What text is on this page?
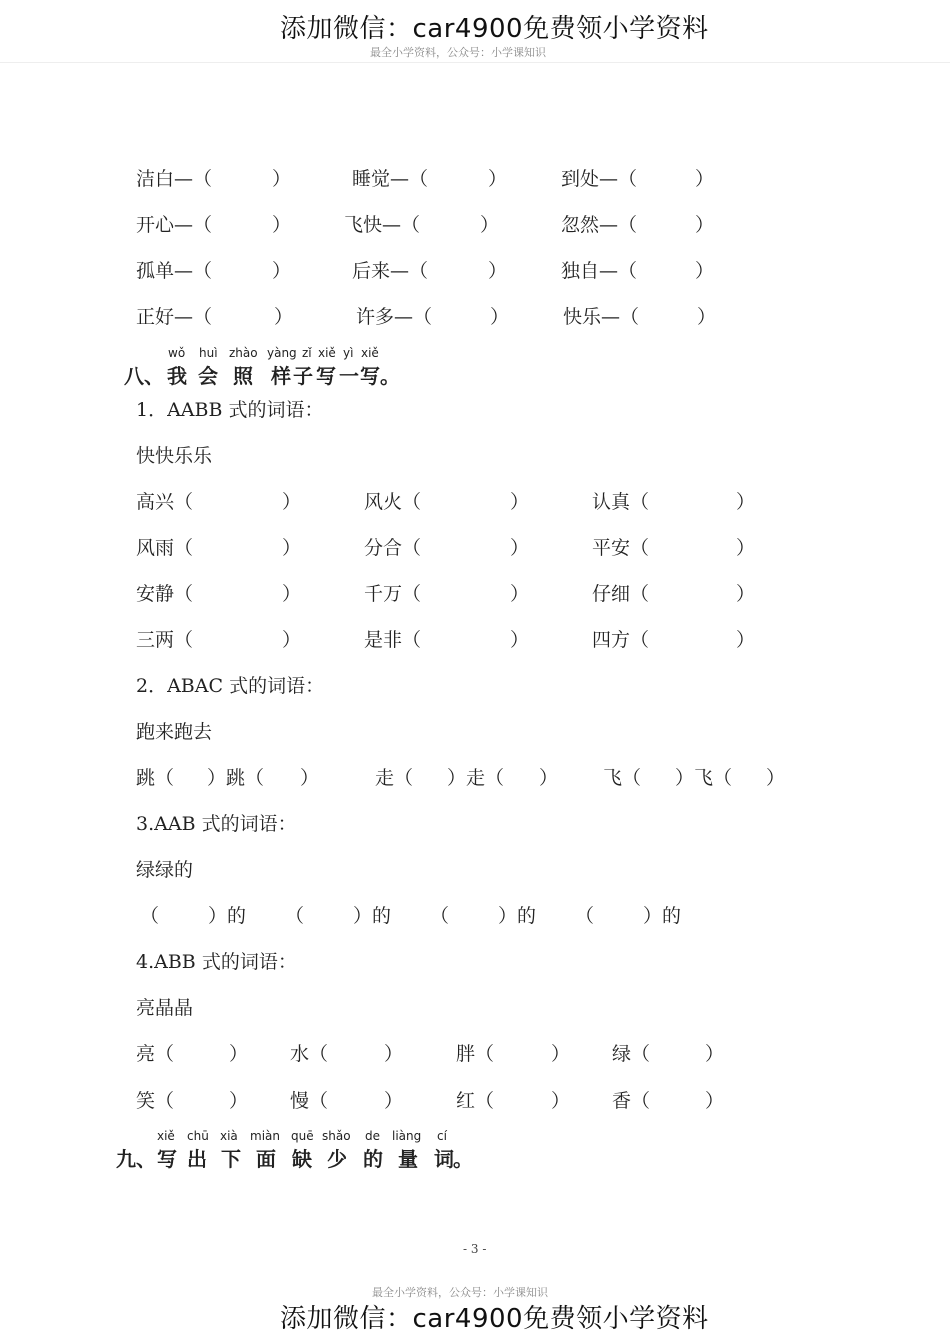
添加微信：car4900免费领小学资料
最全小学资料，公众号：小学课知识
洁白—（	）	睡觉—（	）	到处—（	）
开心—（	）	飞快—（	）	忽然—（	）
孤单—（	）	后来—（	）	独自—（	）
正好—（	）	许多—（	）	快乐—（	）
wǒ huì zhào yàng zǐ xiě yì xiě
八、 我 会 照 样 子 写 一 写 。
1．AABB 式的词语：
快快乐乐
高兴（	）	风火（	）	认真（	）
风雨（	）	分合（	）	平安（	）
安静（	）	千万（	）	仔细（	）
三两（	）	是非（	）	四方（	）
2．ABAC 式的词语：
跑来跑去
跳（ ）跳（ ）	走（ ）走（ ） 飞（ ）飞（ ）
3.AAB 式的词语：
绿绿的
（	）的 （	）的 （	）的 （	）的
4.ABB 式的词语：
亮晶晶
亮（	） 水（	）	胖（	） 绿（	）
笑（	） 慢（	）	红（	） 香（	）
xiě chū xià miàn quē shǎo de liàng cí
九、 写 出 下 面 缺 少 的 量 词 。
- 3 -
最全小学资料，公众号：小学课知识
添加微信：car4900免费领小学资料
